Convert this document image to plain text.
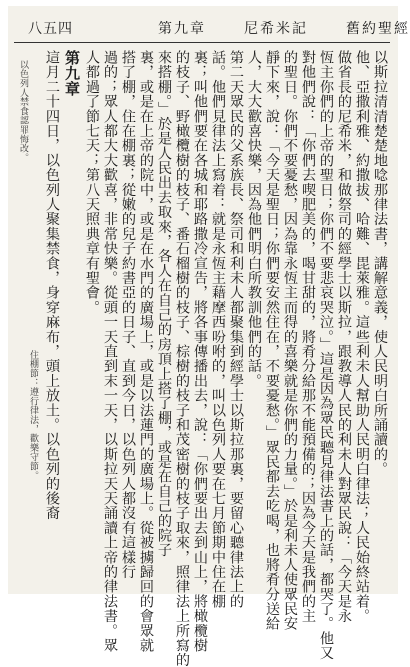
舊約聖經
尼希米記
第九章
八五四
以斯拉清清楚楚地唸那律法書，講解意義，使人民明白所誦讀的。
他、亞撒利雅、約撒拔、哈難、毘萊雅。這些利未人幫助人民明白律法；人民始終站着。
做省長的尼希米，和做祭司的經學士以斯拉，跟教導人民的利未人對眾民說：「今天是永
恆主你們的上帝的聖日；你們不要悲哀哭泣。」這是因為眾民聽見律法書上的話，都哭了。他又
對他們說：「你們去喫肥美的，喝甘甜的，將肴分給那不能預備的；因為今天是我們的主
的聖日。你們不要憂愁，因為靠永恆主而得的喜樂就是你們的力量。」於是利未人使眾民安
靜下來，說：「今天是聖日；你們要安然住在，不要憂愁。」眾民都去吃喝，也將肴分送給
人，大大歡喜快樂，因為他們明白所教訓他們的話。
第二天眾民的父系族長、祭司和利未人都聚集到經學士以斯拉那裏，要留心聽律法上的
話。他們見律法上寫着：就是永恆主藉摩西吩咐的，叫以色列人要在七月節期中住在棚
裏；叫他們要在各城和耶路撒冷宣告，將各事傳播出去，說：「你們要出去到山上，將橄欖樹
的枝子、野橄欖樹的枝子、番石榴樹的枝子、棕樹的枝子和茂密樹的枝子取來，照律法上所寫的
來搭棚。」於是人民出去取來，各人在自己的房頂上搭了棚，或是在自己的院子
裏，或是在上帝的院中，或是在水門的廣場上，或是以法蓮門的廣場上。從被擄歸回的會眾就
搭了棚，住在棚裏；從嫩的兒子約書亞的日子、直到今日，以色列人都沒有這樣行
過的；眾人都大大歡喜，非常快樂。從頭一天直到末一天，以斯拉天天誦讀上帝的律法書。眾
人都過了節七天；第八天照典章有聖會。
第九章
這月二十四日，以色列人聚集禁食，身穿麻布，頭上放土。以色列的後裔
以色列人禁食認罪悔改。
住棚節：遵行律法，歡樂守節。
